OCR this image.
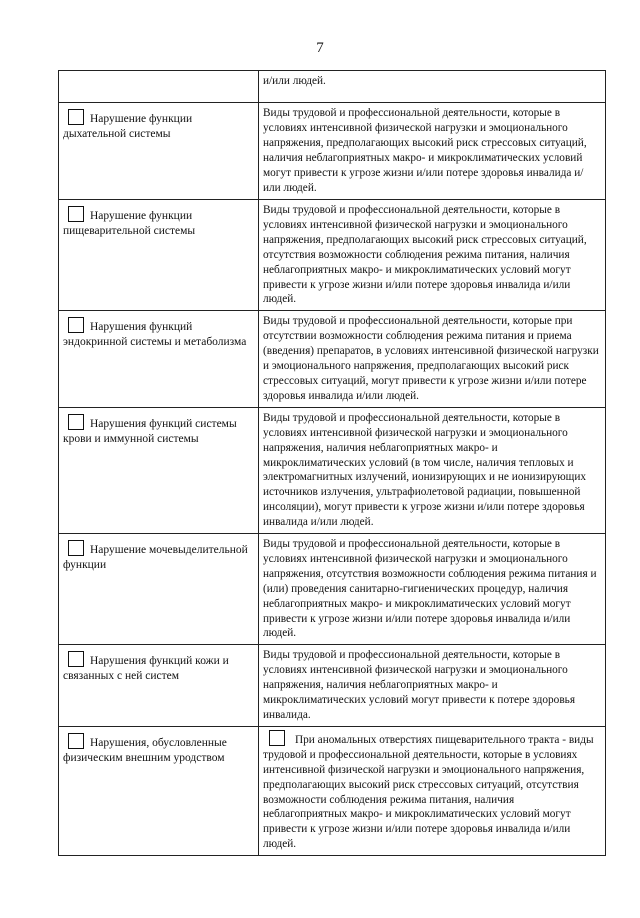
7
	и/или людей.
Нарушение функции дыхательной системы	Виды трудовой и профессиональной деятельности, которые в условиях интенсивной физической нагрузки и эмоционального напряжения, предполагающих высокий риск стрессовых ситуаций, наличия неблагоприятных макро- и микроклиматических условий могут привести к угрозе жизни и/или потере здоровья инвалида и/или людей.
Нарушение функции пищеварительной системы	Виды трудовой и профессиональной деятельности, которые в условиях интенсивной физической нагрузки и эмоционального напряжения, предполагающих высокий риск стрессовых ситуаций, отсутствия возможности соблюдения режима питания, наличия неблагоприятных макро- и микроклиматических условий могут привести к угрозе жизни и/или потере здоровья инвалида и/или людей.
Нарушения функций эндокринной системы и метаболизма	Виды трудовой и профессиональной деятельности, которые при отсутствии возможности соблюдения режима питания и приема (введения) препаратов, в условиях интенсивной физической нагрузки и эмоционального напряжения, предполагающих высокий риск стрессовых ситуаций, могут привести к угрозе жизни и/или потере здоровья инвалида и/или людей.
Нарушения функций системы крови и иммунной системы	Виды трудовой и профессиональной деятельности, которые в условиях интенсивной физической нагрузки и эмоционального напряжения, наличия неблагоприятных макро- и микроклиматических условий (в том числе, наличия тепловых и электромагнитных излучений, ионизирующих и не ионизирующих источников излучения, ультрафиолетовой радиации, повышенной инсоляции), могут привести к угрозе жизни и/или потере здоровья инвалида и/или людей.
Нарушение мочевыделительной функции	Виды трудовой и профессиональной деятельности, которые в условиях интенсивной физической нагрузки и эмоционального напряжения, отсутствия возможности соблюдения режима питания и (или) проведения санитарно-гигиенических процедур, наличия неблагоприятных макро- и микроклиматических условий могут привести к угрозе жизни и/или потере здоровья инвалида и/или людей.
Нарушения функций кожи и связанных с ней систем	Виды трудовой и профессиональной деятельности, которые в условиях интенсивной физической нагрузки и эмоционального напряжения, наличия неблагоприятных макро- и микроклиматических условий могут привести к потере здоровья инвалида.
Нарушения, обусловленные физическим внешним уродством	При аномальных отверстиях пищеварительного тракта - виды трудовой и профессиональной деятельности, которые в условиях интенсивной физической нагрузки и эмоционального напряжения, предполагающих высокий риск стрессовых ситуаций, отсутствия возможности соблюдения режима питания, наличия неблагоприятных макро- и микроклиматических условий могут привести к угрозе жизни и/или потере здоровья инвалида и/или людей.
